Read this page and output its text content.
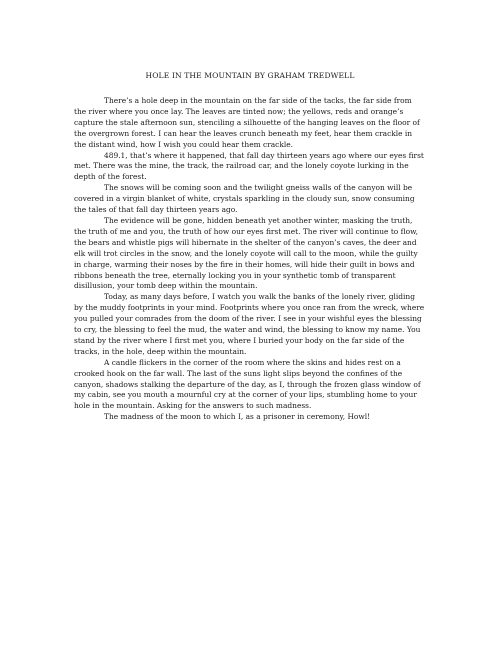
HOLE IN THE MOUNTAIN BY GRAHAM TREDWELL

There’s a hole deep in the mountain on the far side of the tacks, the far side from the river where you once lay. The leaves are tinted now; the yellows, reds and orange’s capture the stale afternoon sun, stenciling a silhouette of the hanging leaves on the floor of the overgrown forest. I can hear the leaves crunch beneath my feet, hear them crackle in the distant wind, how I wish you could hear them crackle.

489.1, that’s where it happened, that fall day thirteen years ago where our eyes first met. There was the mine, the track, the railroad car, and the lonely coyote lurking in the depth of the forest.

The snows will be coming soon and the twilight gneiss walls of the canyon will be covered in a virgin blanket of white, crystals sparkling in the cloudy sun, snow consuming the tales of that fall day thirteen years ago.

The evidence will be gone, hidden beneath yet another winter, masking the truth, the truth of me and you, the truth of how our eyes first met. The river will continue to flow, the bears and whistle pigs will hibernate in the shelter of the canyon’s caves, the deer and elk will trot circles in the snow, and the lonely coyote will call to the moon, while the guilty in charge, warming their noses by the fire in their homes, will hide their guilt in bows and ribbons beneath the tree, eternally locking you in your synthetic tomb of transparent disillusion, your tomb deep within the mountain.

Today, as many days before, I watch you walk the banks of the lonely river, gliding by the muddy footprints in your mind. Footprints where you once ran from the wreck, where you pulled your comrades from the doom of the river. I see in your wishful eyes the blessing to cry, the blessing to feel the mud, the water and wind, the blessing to know my name. You stand by the river where I first met you, where I buried your body on the far side of the tracks, in the hole, deep within the mountain.

A candle flickers in the corner of the room where the skins and hides rest on a crooked hook on the far wall. The last of the suns light slips beyond the confines of the canyon, shadows stalking the departure of the day, as I, through the frozen glass window of my cabin, see you mouth a mournful cry at the corner of your lips, stumbling home to your hole in the mountain. Asking for the answers to such madness.

The madness of the moon to which I, as a prisoner in ceremony, Howl!
